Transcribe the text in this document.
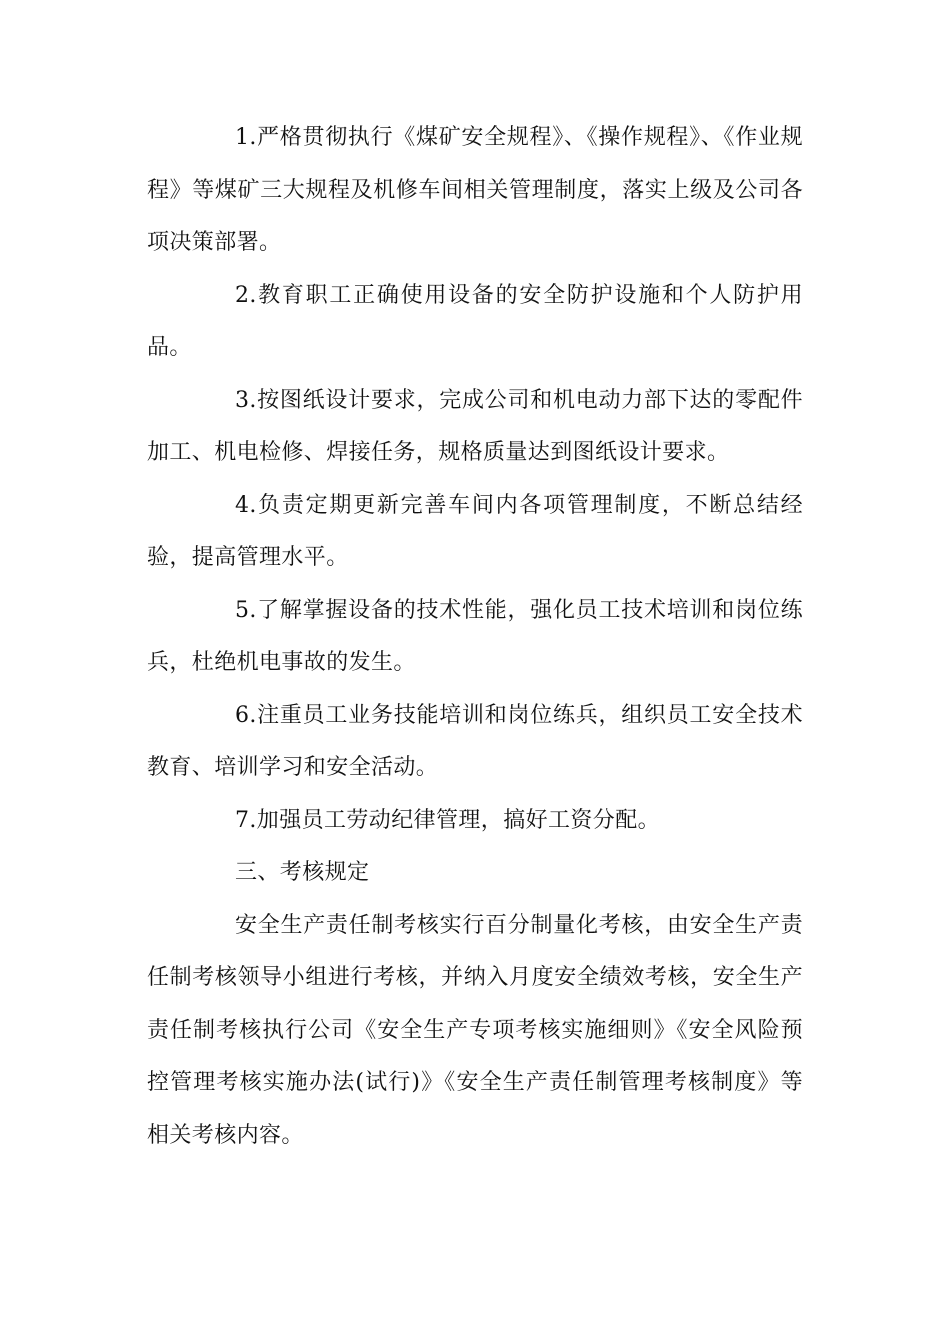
1.严格贯彻执行《煤矿安全规程》、《操作规程》、《作业规程》等煤矿三大规程及机修车间相关管理制度，落实上级及公司各项决策部署。

2.教育职工正确使用设备的安全防护设施和个人防护用品。

3.按图纸设计要求，完成公司和机电动力部下达的零配件加工、机电检修、焊接任务，规格质量达到图纸设计要求。

4.负责定期更新完善车间内各项管理制度，不断总结经验，提高管理水平。

5.了解掌握设备的技术性能，强化员工技术培训和岗位练兵，杜绝机电事故的发生。

6.注重员工业务技能培训和岗位练兵，组织员工安全技术教育、培训学习和安全活动。

7.加强员工劳动纪律管理，搞好工资分配。

三、考核规定

安全生产责任制考核实行百分制量化考核，由安全生产责任制考核领导小组进行考核，并纳入月度安全绩效考核，安全生产责任制考核执行公司《安全生产专项考核实施细则》《安全风险预控管理考核实施办法(试行)》《安全生产责任制管理考核制度》等相关考核内容。
